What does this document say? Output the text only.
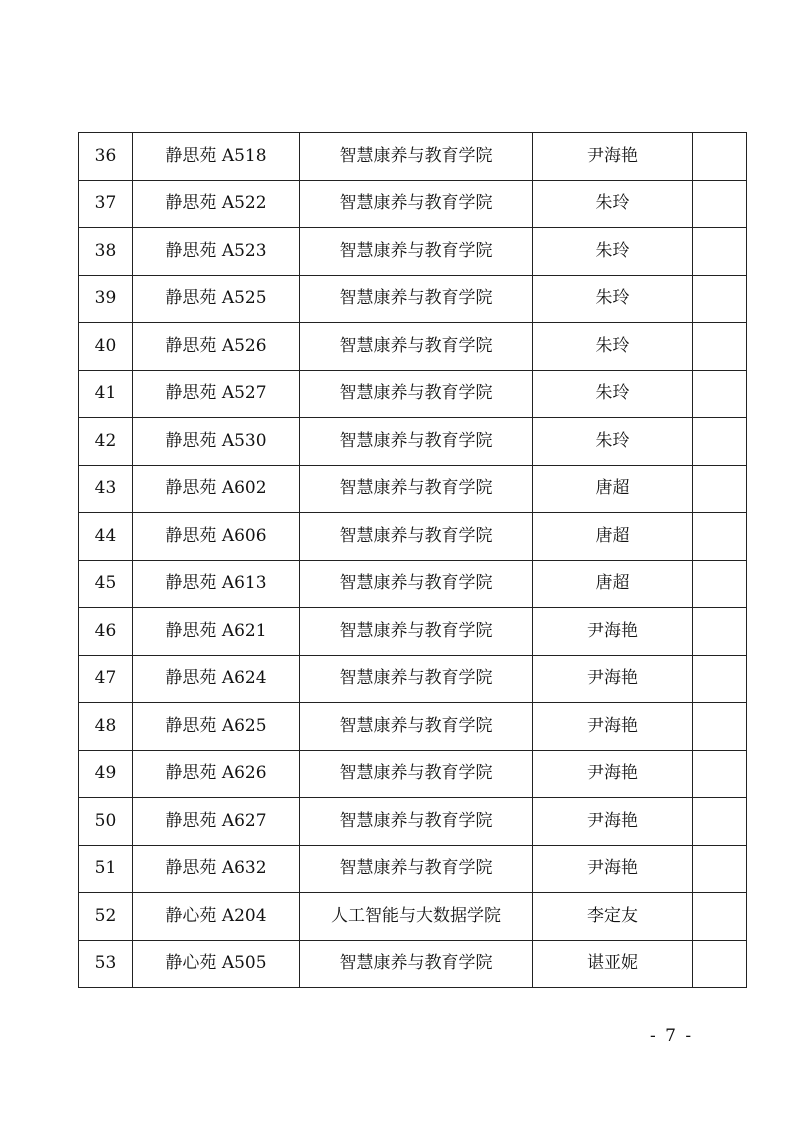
36	静思苑 A518	智慧康养与教育学院	尹海艳	
37	静思苑 A522	智慧康养与教育学院	朱玲	
38	静思苑 A523	智慧康养与教育学院	朱玲	
39	静思苑 A525	智慧康养与教育学院	朱玲	
40	静思苑 A526	智慧康养与教育学院	朱玲	
41	静思苑 A527	智慧康养与教育学院	朱玲	
42	静思苑 A530	智慧康养与教育学院	朱玲	
43	静思苑 A602	智慧康养与教育学院	唐超	
44	静思苑 A606	智慧康养与教育学院	唐超	
45	静思苑 A613	智慧康养与教育学院	唐超	
46	静思苑 A621	智慧康养与教育学院	尹海艳	
47	静思苑 A624	智慧康养与教育学院	尹海艳	
48	静思苑 A625	智慧康养与教育学院	尹海艳	
49	静思苑 A626	智慧康养与教育学院	尹海艳	
50	静思苑 A627	智慧康养与教育学院	尹海艳	
51	静思苑 A632	智慧康养与教育学院	尹海艳	
52	静心苑 A204	人工智能与大数据学院	李定友	
53	静心苑 A505	智慧康养与教育学院	谌亚妮	
- 7 -
